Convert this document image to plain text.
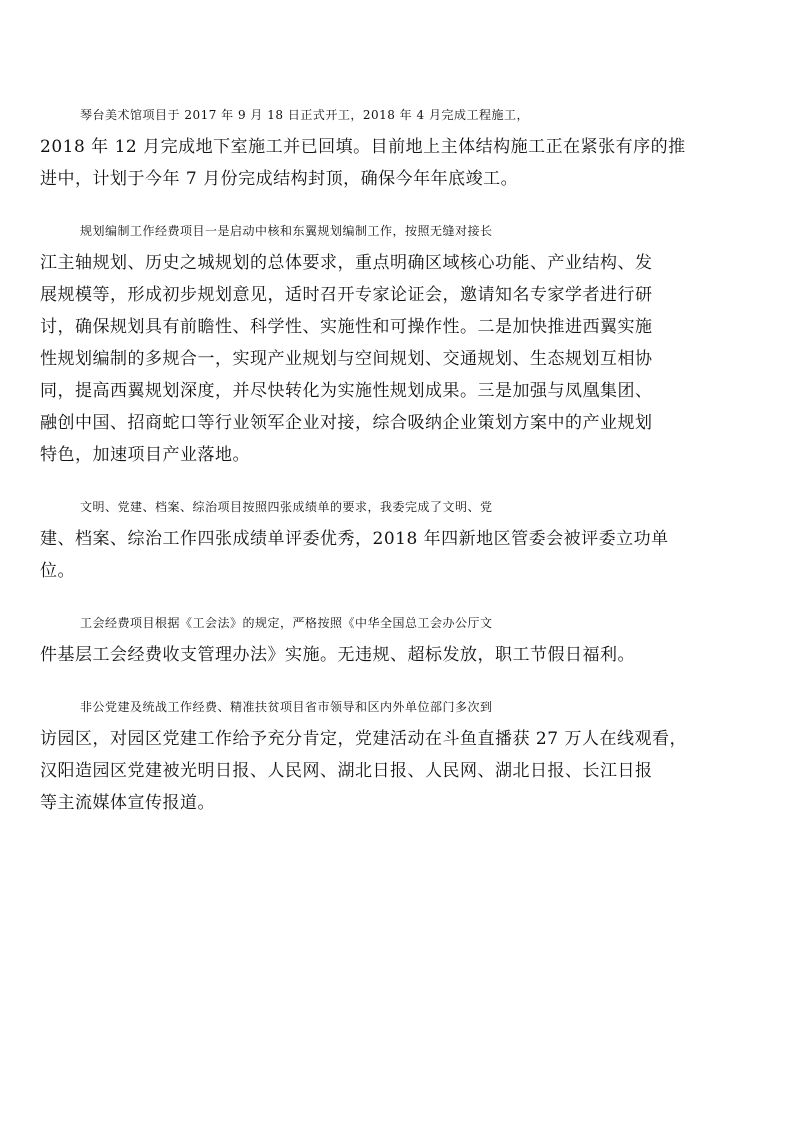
琴台美术馆项目于 2017 年 9 月 18 日正式开工，2018 年 4 月完成工程施工，
2018 年 12 月完成地下室施工并已回填。目前地上主体结构施工正在紧张有序的推
进中，计划于今年 7 月份完成结构封顶，确保今年年底竣工。

规划编制工作经费项目一是启动中核和东翼规划编制工作，按照无缝对接长
江主轴规划、历史之城规划的总体要求，重点明确区域核心功能、产业结构、发
展规模等，形成初步规划意见，适时召开专家论证会，邀请知名专家学者进行研
讨，确保规划具有前瞻性、科学性、实施性和可操作性。二是加快推进西翼实施
性规划编制的多规合一，实现产业规划与空间规划、交通规划、生态规划互相协
同，提高西翼规划深度，并尽快转化为实施性规划成果。三是加强与凤凰集团、
融创中国、招商蛇口等行业领军企业对接，综合吸纳企业策划方案中的产业规划
特色，加速项目产业落地。

文明、党建、档案、综治项目按照四张成绩单的要求，我委完成了文明、党
建、档案、综治工作四张成绩单评委优秀，2018 年四新地区管委会被评委立功单
位。

工会经费项目根据《工会法》的规定，严格按照《中华全国总工会办公厅文
件基层工会经费收支管理办法》实施。无违规、超标发放，职工节假日福利。

非公党建及统战工作经费、精准扶贫项目省市领导和区内外单位部门多次到
访园区，对园区党建工作给予充分肯定，党建活动在斗鱼直播获 27 万人在线观看，
汉阳造园区党建被光明日报、人民网、湖北日报、人民网、湖北日报、长江日报
等主流媒体宣传报道。
